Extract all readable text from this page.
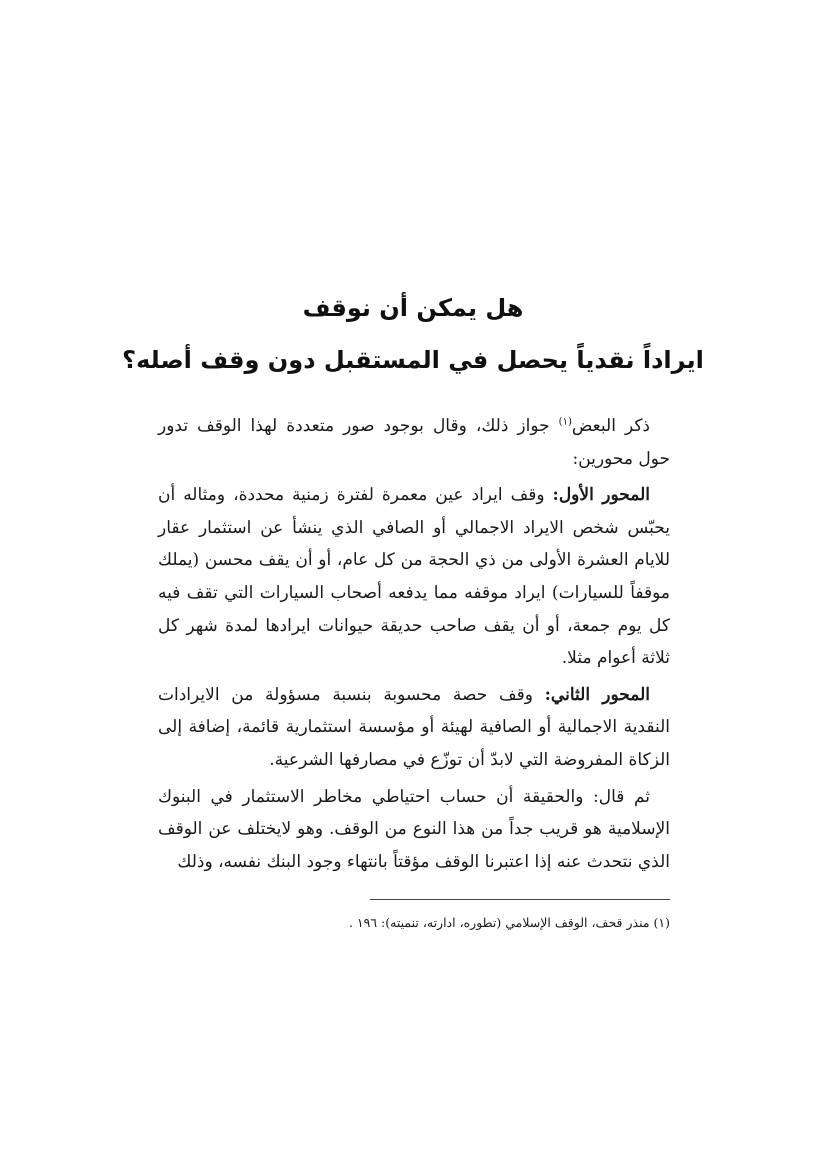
هل يمكن أن نوقف

ايراداً نقدياً يحصل في المستقبل دون وقف أصله؟

ذكر البعض$^{(١)}$ جواز ذلك، وقال بوجود صور متعددة لهذا الوقف تدور حول محورين:

المحور الأول: وقف ايراد عين معمرة لفترة زمنية محددة، ومثاله أن يحبّس شخص الايراد الاجمالي أو الصافي الذي ينشأ عن استثمار عقار للايام العشرة الأولى من ذي الحجة من كل عام، أو أن يقف محسن (يملك موقفاً للسيارات) ايراد موقفه مما يدفعه أصحاب السيارات التي تقف فيه كل يوم جمعة، أو أن يقف صاحب حديقة حيوانات ايرادها لمدة شهر كل ثلاثة أعوام مثلا.

المحور الثاني: وقف حصة محسوبة بنسبة مسؤولة من الايرادات النقدية الاجمالية أو الصافية لهيئة أو مؤسسة استثمارية قائمة، إضافة إلى الزكاة المفروضة التي لابدّ أن توزّع في مصارفها الشرعية.

ثم قال: والحقيقة أن حساب احتياطي مخاطر الاستثمار في البنوك الإسلامية هو قريب جداً من هذا النوع من الوقف. وهو لايختلف عن الوقف الذي نتحدث عنه إذا اعتبرنا الوقف مؤقتاً بانتهاء وجود البنك نفسه، وذلك

(١) منذر قحف، الوقف الإسلامي (تطوره، ادارته، تنميته): ١٩٦ .
